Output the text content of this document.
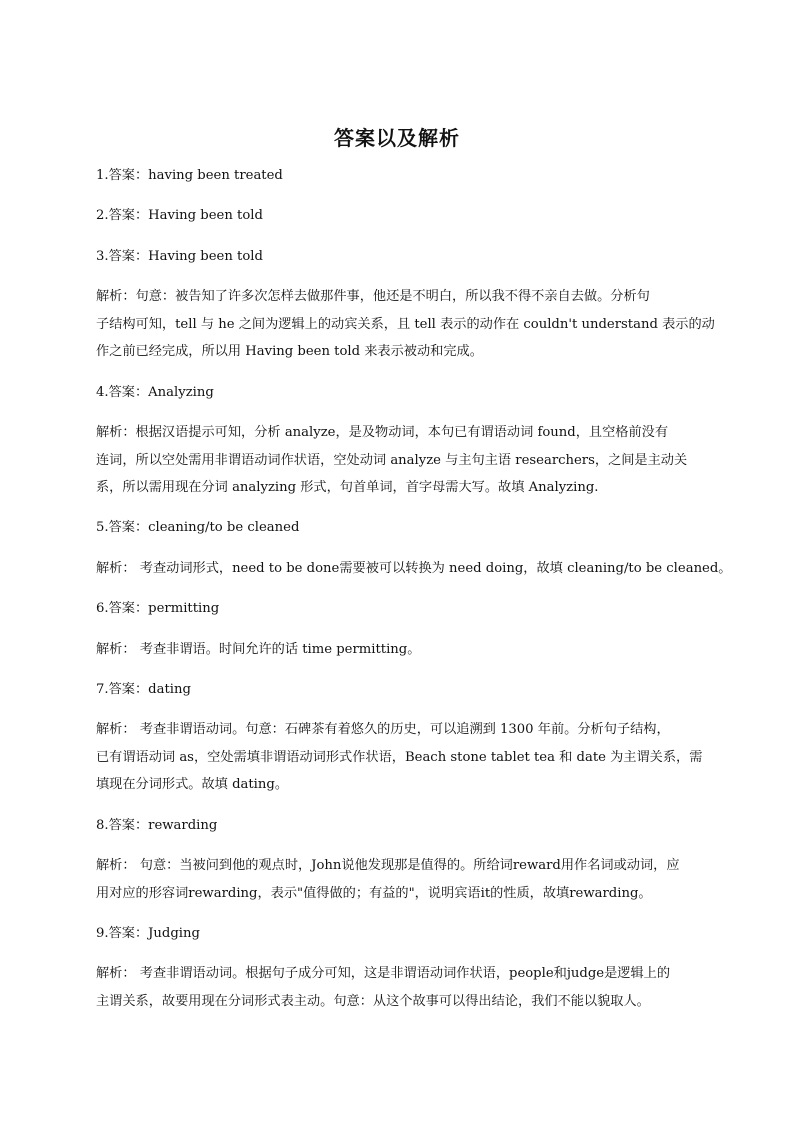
答案以及解析
1.答案：having been treated
2.答案：Having been told
3.答案：Having been told
解析：句意：被告知了许多次怎样去做那件事，他还是不明白，所以我不得不亲自去做。分析句
子结构可知，tell 与 he 之间为逻辑上的动宾关系，且 tell 表示的动作在 couldn't understand 表示的动
作之前已经完成，所以用 Having been told 来表示被动和完成。
4.答案：Analyzing
解析：根据汉语提示可知，分析 analyze，是及物动词，本句已有谓语动词 found，且空格前没有
连词，所以空处需用非谓语动词作状语，空处动词 analyze 与主句主语 researchers，之间是主动关
系，所以需用现在分词 analyzing 形式，句首单词，首字母需大写。故填 Analyzing.
5.答案：cleaning/to be cleaned
解析： 考查动词形式，need to be done需要被可以转换为 need doing，故填 cleaning/to be cleaned。
6.答案：permitting
解析： 考查非谓语。时间允许的话 time permitting。
7.答案：dating
解析： 考查非谓语动词。句意：石碑茶有着悠久的历史，可以追溯到 1300 年前。分析句子结构，
已有谓语动词 as，空处需填非谓语动词形式作状语，Beach stone tablet tea 和 date 为主谓关系，需
填现在分词形式。故填 dating。
8.答案：rewarding
解析： 句意：当被问到他的观点时，John说他发现那是值得的。所给词reward用作名词或动词，应
用对应的形容词rewarding，表示"值得做的；有益的"，说明宾语it的性质，故填rewarding。
9.答案：Judging
解析： 考查非谓语动词。根据句子成分可知，这是非谓语动词作状语，people和judge是逻辑上的
主谓关系，故要用现在分词形式表主动。句意：从这个故事可以得出结论，我们不能以貌取人。
